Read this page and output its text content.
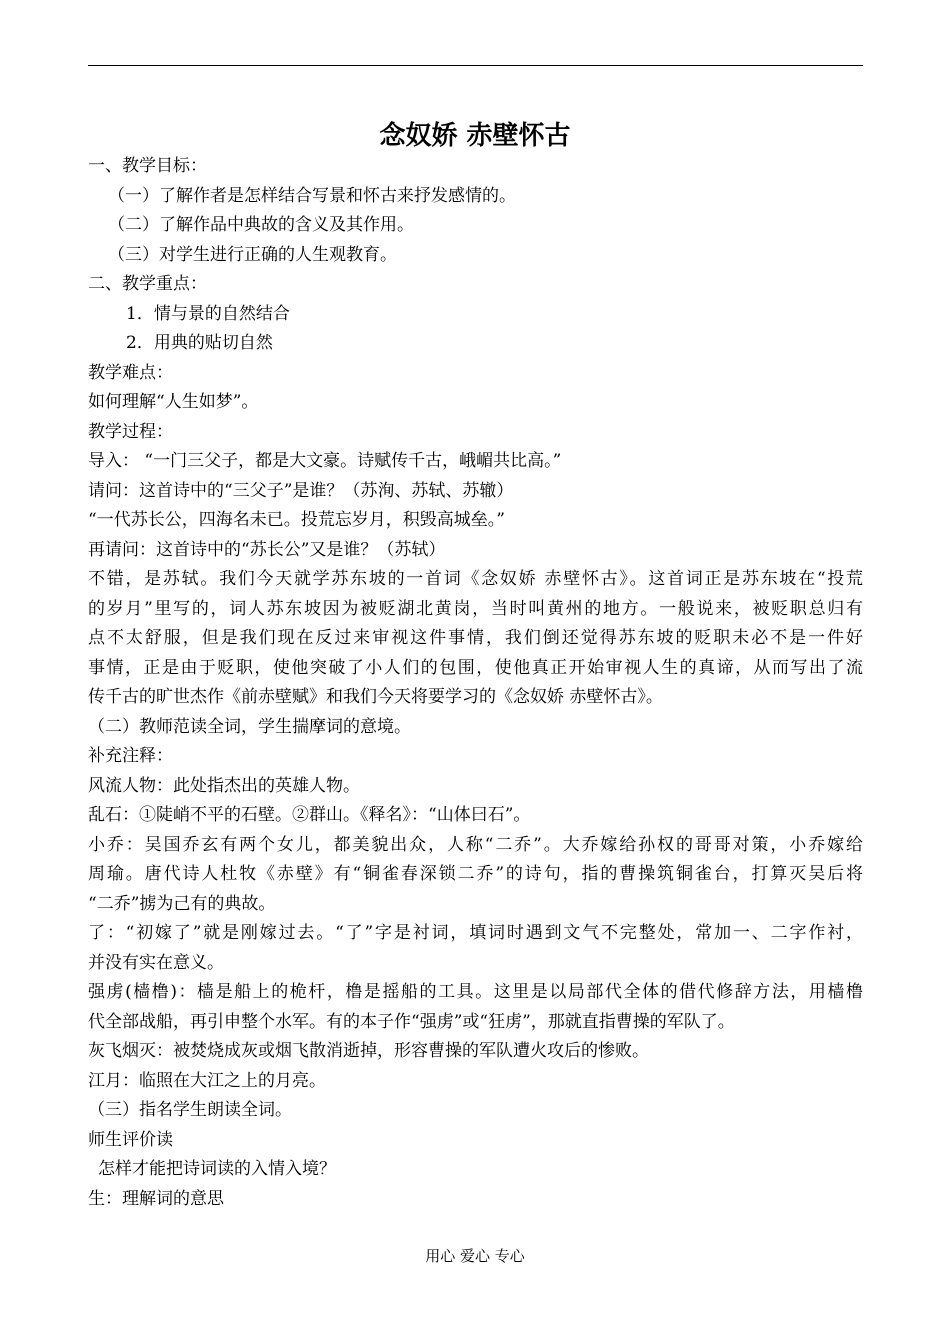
念奴娇 赤壁怀古
一、教学目标：
（一）了解作者是怎样结合写景和怀古来抒发感情的。
（二）了解作品中典故的含义及其作用。
（三）对学生进行正确的人生观教育。
二、教学重点：
1．情与景的自然结合
2．用典的贴切自然
教学难点：
如何理解“人生如梦”。
教学过程：
导入： “一门三父子，都是大文豪。诗赋传千古，峨嵋共比高。”
请问：这首诗中的“三父子”是谁？（苏洵、苏轼、苏辙）
“一代苏长公，四海名未已。投荒忘岁月，积毁高城垒。”
再请问：这首诗中的“苏长公”又是谁？（苏轼）
不错，是苏轼。我们今天就学苏东坡的一首词《念奴娇 赤壁怀古》。这首词正是苏东坡在“投荒
的岁月”里写的，词人苏东坡因为被贬湖北黄岗，当时叫黄州的地方。一般说来，被贬职总归有
点不太舒服，但是我们现在反过来审视这件事情，我们倒还觉得苏东坡的贬职未必不是一件好
事情，正是由于贬职，使他突破了小人们的包围，使他真正开始审视人生的真谛，从而写出了流
传千古的旷世杰作《前赤壁赋》和我们今天将要学习的《念奴娇 赤壁怀古》。
（二）教师范读全词，学生揣摩词的意境。
补充注释：
风流人物：此处指杰出的英雄人物。
乱石：①陡峭不平的石壁。②群山。《释名》：“山体曰石”。
小乔：吴国乔玄有两个女儿，都美貌出众，人称“二乔”。大乔嫁给孙权的哥哥对策，小乔嫁给
周瑜。唐代诗人杜牧《赤壁》有“铜雀春深锁二乔”的诗句，指的曹操筑铜雀台，打算灭吴后将
“二乔”掳为己有的典故。
了：“初嫁了”就是刚嫁过去。“了”字是衬词，填词时遇到文气不完整处，常加一、二字作衬，
并没有实在意义。
强虏(樯橹)：樯是船上的桅杆，橹是摇船的工具。这里是以局部代全体的借代修辞方法，用樯橹
代全部战船，再引申整个水军。有的本子作“强虏”或“狂虏”，那就直指曹操的军队了。
灰飞烟灭：被焚烧成灰或烟飞散消逝掉，形容曹操的军队遭火攻后的惨败。
江月：临照在大江之上的月亮。
（三）指名学生朗读全词。
师生评价读
怎样才能把诗词读的入情入境？
生：理解词的意思
用心 爱心 专心
